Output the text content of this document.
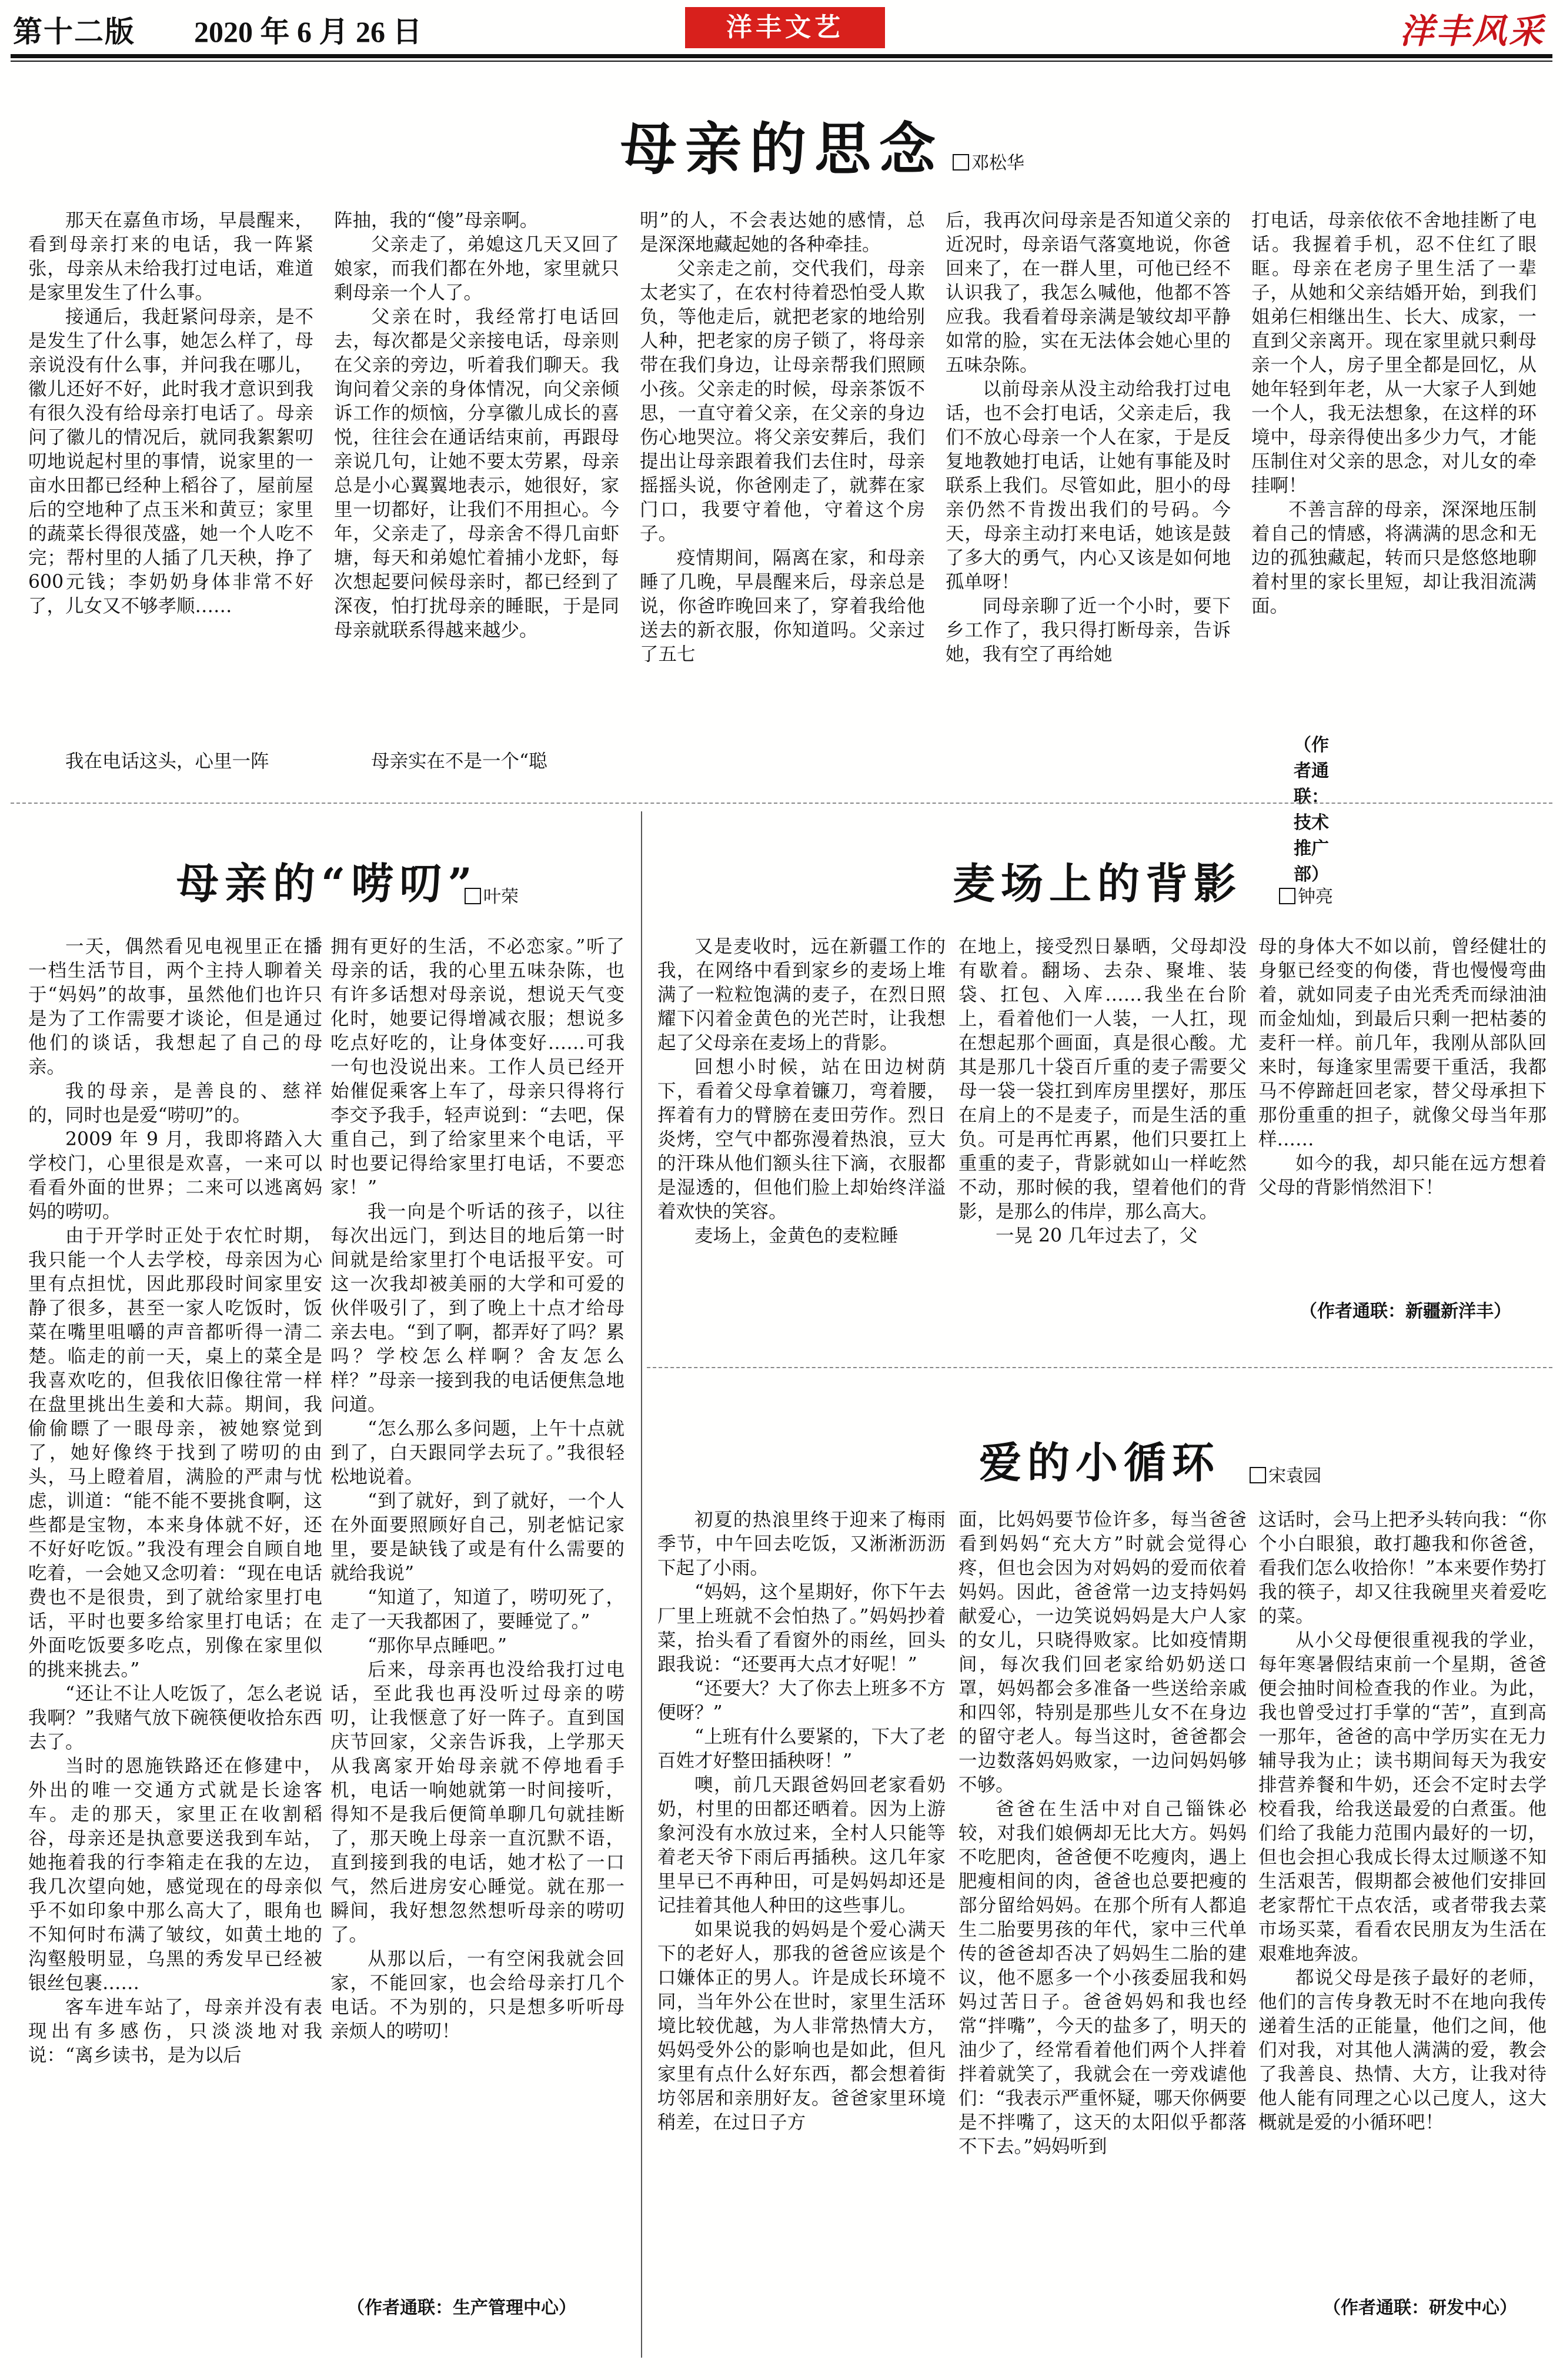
第十二版 2020 年 6 月 26 日	洋丰文艺	洋丰风采
母亲的思念	邓松华

那天在嘉鱼市场，早晨醒来，看到母亲打来的电话，我一阵紧张，母亲从未给我打过电话，难道是家里发生了什么事。

接通后，我赶紧问母亲，是不是发生了什么事，她怎么样了，母亲说没有什么事，并问我在哪儿，徽儿还好不好，此时我才意识到我有很久没有给母亲打电话了。母亲问了徽儿的情况后，就同我絮絮叨叨地说起村里的事情，说家里的一亩水田都已经种上稻谷了，屋前屋后的空地种了点玉米和黄豆；家里的蔬菜长得很茂盛，她一个人吃不完；帮村里的人插了几天秧，挣了600元钱；李奶奶身体非常不好了，儿女又不够孝顺……

我在电话这头，心里一阵

阵抽，我的“傻”母亲啊。

父亲走了，弟媳这几天又回了娘家，而我们都在外地，家里就只剩母亲一个人了。

父亲在时，我经常打电话回去，每次都是父亲接电话，母亲则在父亲的旁边，听着我们聊天。我询问着父亲的身体情况，向父亲倾诉工作的烦恼，分享徽儿成长的喜悦，往往会在通话结束前，再跟母亲说几句，让她不要太劳累，母亲总是小心翼翼地表示，她很好，家里一切都好，让我们不用担心。今年，父亲走了，母亲舍不得几亩虾塘，每天和弟媳忙着捕小龙虾，每次想起要问候母亲时，都已经到了深夜，怕打扰母亲的睡眠，于是同母亲就联系得越来越少。

母亲实在不是一个“聪

明”的人，不会表达她的感情，总是深深地藏起她的各种牵挂。

父亲走之前，交代我们，母亲太老实了，在农村待着恐怕受人欺负，等他走后，就把老家的地给别人种，把老家的房子锁了，将母亲带在我们身边，让母亲帮我们照顾小孩。父亲走的时候，母亲茶饭不思，一直守着父亲，在父亲的身边伤心地哭泣。将父亲安葬后，我们提出让母亲跟着我们去住时，母亲摇摇头说，你爸刚走了，就葬在家门口，我要守着他，守着这个房子。

疫情期间，隔离在家，和母亲睡了几晚，早晨醒来后，母亲总是说，你爸昨晚回来了，穿着我给他送去的新衣服，你知道吗。父亲过了五七

后，我再次问母亲是否知道父亲的近况时，母亲语气落寞地说，你爸回来了，在一群人里，可他已经不认识我了，我怎么喊他，他都不答应我。我看着母亲满是皱纹却平静如常的脸，实在无法体会她心里的五味杂陈。

以前母亲从没主动给我打过电话，也不会打电话，父亲走后，我们不放心母亲一个人在家，于是反复地教她打电话，让她有事能及时联系上我们。尽管如此，胆小的母亲仍然不肯拨出我们的号码。今天，母亲主动打来电话，她该是鼓了多大的勇气，内心又该是如何地孤单呀！

同母亲聊了近一个小时，要下乡工作了，我只得打断母亲，告诉她，我有空了再给她

打电话，母亲依依不舍地挂断了电话。我握着手机，忍不住红了眼眶。母亲在老房子里生活了一辈子，从她和父亲结婚开始，到我们姐弟仨相继出生、长大、成家，一直到父亲离开。现在家里就只剩母亲一个人，房子里全都是回忆，从她年轻到年老，从一大家子人到她一个人，我无法想象，在这样的环境中，母亲得使出多少力气，才能压制住对父亲的思念，对儿女的牵挂啊！

不善言辞的母亲，深深地压制着自己的情感，将满满的思念和无边的孤独藏起，转而只是悠悠地聊着村里的家长里短，却让我泪流满面。

（作者通联：技术推广部）
母亲的“唠叨” 叶荣

一天，偶然看见电视里正在播一档生活节目，两个主持人聊着关于“妈妈”的故事，虽然他们也许只是为了工作需要才谈论，但是通过他们的谈话，我想起了自己的母亲。

我的母亲，是善良的、慈祥的，同时也是爱“唠叨”的。

2009 年 9 月，我即将踏入大学校门，心里很是欢喜，一来可以看看外面的世界；二来可以逃离妈妈的唠叨。

由于开学时正处于农忙时期，我只能一个人去学校，母亲因为心里有点担忧，因此那段时间家里安静了很多，甚至一家人吃饭时，饭菜在嘴里咀嚼的声音都听得一清二楚。临走的前一天，桌上的菜全是我喜欢吃的，但我依旧像往常一样在盘里挑出生姜和大蒜。期间，我偷偷瞟了一眼母亲，被她察觉到了，她好像终于找到了唠叨的由头，马上瞪着眉，满脸的严肃与忧虑，训道：“能不能不要挑食啊，这些都是宝物，本来身体就不好，还不好好吃饭。”我没有理会自顾自地吃着，一会她又念叨着：“现在电话费也不是很贵，到了就给家里打电话，平时也要多给家里打电话；在外面吃饭要多吃点，别像在家里似的挑来挑去。”

“还让不让人吃饭了，怎么老说我啊？”我赌气放下碗筷便收拾东西去了。

当时的恩施铁路还在修建中，外出的唯一交通方式就是长途客车。走的那天，家里正在收割稻谷，母亲还是执意要送我到车站，她拖着我的行李箱走在我的左边，我几次望向她，感觉现在的母亲似乎不如印象中那么高大了，眼角也不知何时布满了皱纹，如黄土地的沟壑般明显，乌黑的秀发早已经被银丝包裹……

客车进车站了，母亲并没有表现出有多感伤，只淡淡地对我说：“离乡读书，是为以后

拥有更好的生活，不必恋家。”听了母亲的话，我的心里五味杂陈，也有许多话想对母亲说，想说天气变化时，她要记得增减衣服；想说多吃点好吃的，让身体变好……可我一句也没说出来。工作人员已经开始催促乘客上车了，母亲只得将行李交予我手，轻声说到：“去吧，保重自己，到了给家里来个电话，平时也要记得给家里打电话，不要恋家！”

我一向是个听话的孩子，以往每次出远门，到达目的地后第一时间就是给家里打个电话报平安。可这一次我却被美丽的大学和可爱的伙伴吸引了，到了晚上十点才给母亲去电。“到了啊，都弄好了吗？累吗？学校怎么样啊？舍友怎么样？”母亲一接到我的电话便焦急地问道。

“怎么那么多问题，上午十点就到了，白天跟同学去玩了。”我很轻松地说着。

“到了就好，到了就好，一个人在外面要照顾好自己，别老惦记家里，要是缺钱了或是有什么需要的就给我说”

“知道了，知道了，唠叨死了，走了一天我都困了，要睡觉了。”

“那你早点睡吧。”

后来，母亲再也没给我打过电话，至此我也再没听过母亲的唠叨，让我惬意了好一阵子。直到国庆节回家，父亲告诉我，上学那天从我离家开始母亲就不停地看手机，电话一响她就第一时间接听，得知不是我后便简单聊几句就挂断了，那天晚上母亲一直沉默不语，直到接到我的电话，她才松了一口气，然后进房安心睡觉。就在那一瞬间，我好想忽然想听母亲的唠叨了。

从那以后，一有空闲我就会回家，不能回家，也会给母亲打几个电话。不为别的，只是想多听听母亲烦人的唠叨！

（作者通联：生产管理中心）
麦场上的背影	钟亮

又是麦收时，远在新疆工作的我，在网络中看到家乡的麦场上堆满了一粒粒饱满的麦子，在烈日照耀下闪着金黄色的光芒时，让我想起了父母亲在麦场上的背影。

回想小时候，站在田边树荫下，看着父母拿着镰刀，弯着腰，挥着有力的臂膀在麦田劳作。烈日炎烤，空气中都弥漫着热浪，豆大的汗珠从他们额头往下滴，衣服都是湿透的，但他们脸上却始终洋溢着欢快的笑容。

麦场上，金黄色的麦粒睡

在地上，接受烈日暴晒，父母却没有歇着。翻场、去杂、聚堆、装袋、扛包、入库……我坐在台阶上，看着他们一人装，一人扛，现在想起那个画面，真是很心酸。尤其是那几十袋百斤重的麦子需要父母一袋一袋扛到库房里摆好，那压在肩上的不是麦子，而是生活的重负。可是再忙再累，他们只要扛上重重的麦子，背影就如山一样屹然不动，那时候的我，望着他们的背影，是那么的伟岸，那么高大。

一晃 20 几年过去了，父

母的身体大不如以前，曾经健壮的身躯已经变的佝偻，背也慢慢弯曲着，就如同麦子由光秃秃而绿油油而金灿灿，到最后只剩一把枯萎的麦秆一样。前几年，我刚从部队回来时，每逢家里需要干重活，我都马不停蹄赶回老家，替父母承担下那份重重的担子，就像父母当年那样……

如今的我，却只能在远方想着父母的背影悄然泪下！

（作者通联：新疆新洋丰）
爱的小循环	宋袁园

初夏的热浪里终于迎来了梅雨季节，中午回去吃饭，又淅淅沥沥下起了小雨。

“妈妈，这个星期好，你下午去厂里上班就不会怕热了。”妈妈抄着菜，抬头看了看窗外的雨丝，回头跟我说：“还要再大点才好呢！”

“还要大？大了你去上班多不方便呀？”

“上班有什么要紧的，下大了老百姓才好整田插秧呀！”

噢，前几天跟爸妈回老家看奶奶，村里的田都还晒着。因为上游象河没有水放过来，全村人只能等着老天爷下雨后再插秧。这几年家里早已不再种田，可是妈妈却还是记挂着其他人种田的这些事儿。

如果说我的妈妈是个爱心满天下的老好人，那我的爸爸应该是个口嫌体正的男人。许是成长环境不同，当年外公在世时，家里生活环境比较优越，为人非常热情大方，妈妈受外公的影响也是如此，但凡家里有点什么好东西，都会想着街坊邻居和亲朋好友。爸爸家里环境稍差，在过日子方

面，比妈妈要节俭许多，每当爸爸看到妈妈“充大方”时就会觉得心疼，但也会因为对妈妈的爱而依着妈妈。因此，爸爸常一边支持妈妈献爱心，一边笑说妈妈是大户人家的女儿，只晓得败家。比如疫情期间，每次我们回老家给奶奶送口罩，妈妈都会多准备一些送给亲戚和四邻，特别是那些儿女不在身边的留守老人。每当这时，爸爸都会一边数落妈妈败家，一边问妈妈够不够。

爸爸在生活中对自己锱铢必较，对我们娘俩却无比大方。妈妈不吃肥肉，爸爸便不吃瘦肉，遇上肥瘦相间的肉，爸爸也总要把瘦的部分留给妈妈。在那个所有人都追生二胎要男孩的年代，家中三代单传的爸爸却否决了妈妈生二胎的建议，他不愿多一个小孩委屈我和妈妈过苦日子。爸爸妈妈和我也经常“拌嘴”，今天的盐多了，明天的油少了，经常看着他们两个人拌着拌着就笑了，我就会在一旁戏谑他们：“我表示严重怀疑，哪天你俩要是不拌嘴了，这天的太阳似乎都落不下去。”妈妈听到

这话时，会马上把矛头转向我：“你个小白眼狼，敢打趣我和你爸爸，看我们怎么收拾你！”本来要作势打我的筷子，却又往我碗里夹着爱吃的菜。

从小父母便很重视我的学业，每年寒暑假结束前一个星期，爸爸便会抽时间检查我的作业。为此，我也曾受过打手掌的“苦”，直到高一那年，爸爸的高中学历实在无力辅导我为止；读书期间每天为我安排营养餐和牛奶，还会不定时去学校看我，给我送最爱的白煮蛋。他们给了我能力范围内最好的一切，但也会担心我成长得太过顺遂不知生活艰苦，假期都会被他们安排回老家帮忙干点农活，或者带我去菜市场买菜，看看农民朋友为生活在艰难地奔波。

都说父母是孩子最好的老师，他们的言传身教无时不在地向我传递着生活的正能量，他们之间，他们对我，对其他人满满的爱，教会了我善良、热情、大方，让我对待他人能有同理之心以己度人，这大概就是爱的小循环吧！

（作者通联：研发中心）
